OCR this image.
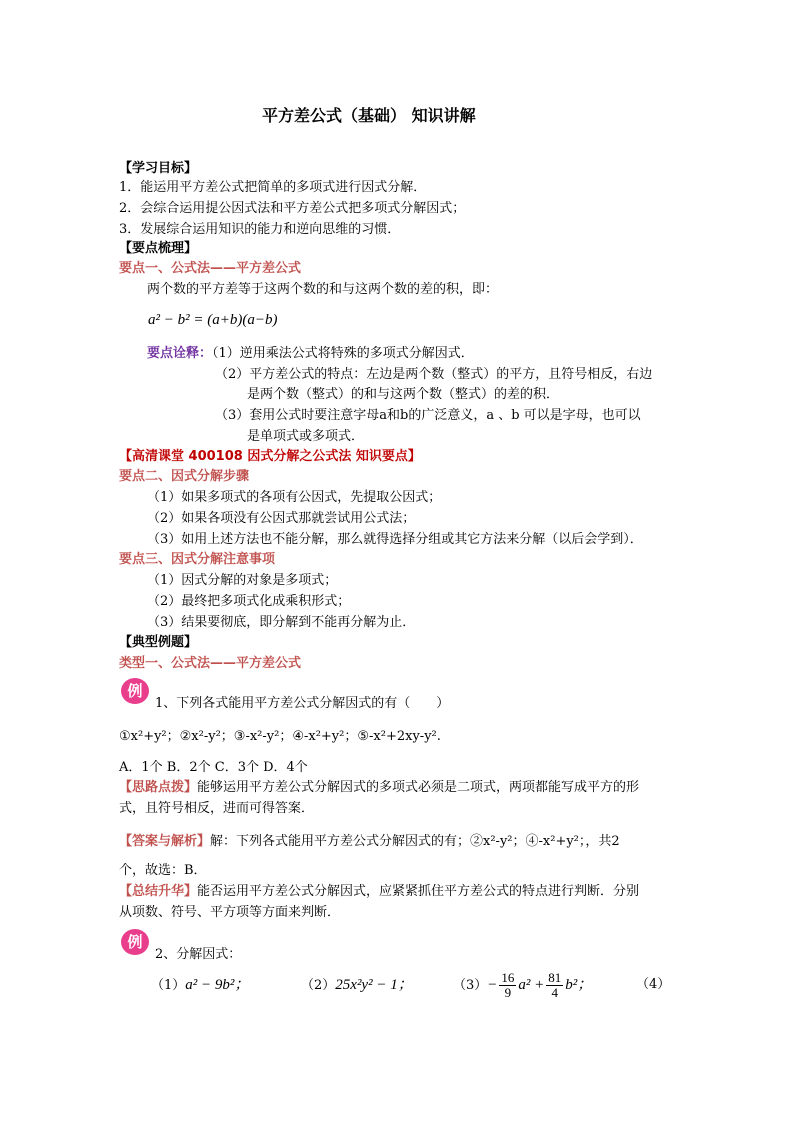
平方差公式（基础） 知识讲解
【学习目标】
1．能运用平方差公式把简单的多项式进行因式分解．
2．会综合运用提公因式法和平方差公式把多项式分解因式；
3．发展综合运用知识的能力和逆向思维的习惯．
【要点梳理】
要点一、公式法——平方差公式
两个数的平方差等于这两个数的和与这两个数的差的积，即：
a² − b² = (a+b)(a−b)
要点诠释：（1）逆用乘法公式将特殊的多项式分解因式．
（2）平方差公式的特点：左边是两个数（整式）的平方，且符号相反，右边
是两个数（整式）的和与这两个数（整式）的差的积．
（3）套用公式时要注意字母a和b的广泛意义，a 、b 可以是字母，也可以
是单项式或多项式．
【高清课堂 400108 因式分解之公式法 知识要点】
要点二、因式分解步骤
（1）如果多项式的各项有公因式，先提取公因式；
（2）如果各项没有公因式那就尝试用公式法；
（3）如用上述方法也不能分解，那么就得选择分组或其它方法来分解（以后会学到）．
要点三、因式分解注意事项
（1）因式分解的对象是多项式；
（2）最终把多项式化成乘积形式；
（3）结果要彻底，即分解到不能再分解为止．
【典型例题】
类型一、公式法——平方差公式
例
1、下列各式能用平方差公式分解因式的有（　　）
①x²+y²；②x²-y²；③-x²-y²；④-x²+y²；⑤-x²+2xy-y².
A．1个 B．2个 C．3个 D．4个
【思路点拨】能够运用平方差公式分解因式的多项式必须是二项式，两项都能写成平方的形
式，且符号相反，进而可得答案．
【答案与解析】解：下列各式能用平方差公式分解因式的有；②x²-y²；④-x²+y²；，共2
个，故选：B．
【总结升华】能否运用平方差公式分解因式，应紧紧抓住平方差公式的特点进行判断．分别
从项数、符号、平方项等方面来判断．
例
2、分解因式：
（1）a² − 9b²；	（2）25x²y² − 1；	$(3)- \frac{16}{9} a^2 + \frac{81}{4} b^2$；	（4）
